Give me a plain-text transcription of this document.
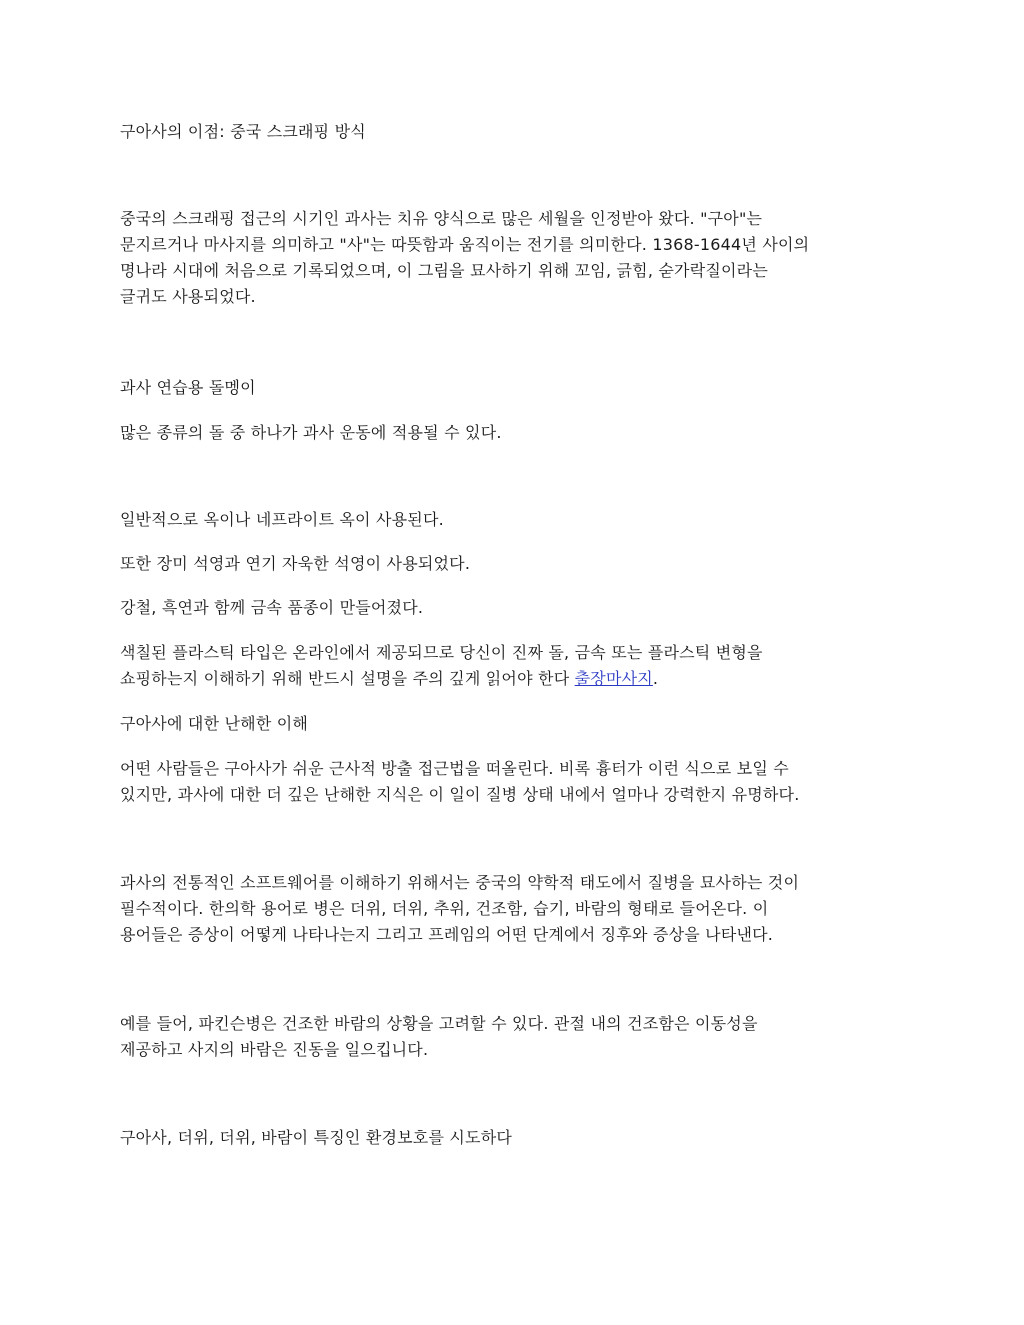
구아사의 이점: 중국 스크래핑 방식

중국의 스크래핑 접근의 시기인 과사는 치유 양식으로 많은 세월을 인정받아 왔다. "구아"는
문지르거나 마사지를 의미하고 "사"는 따뜻함과 움직이는 전기를 의미한다. 1368-1644년 사이의
명나라 시대에 처음으로 기록되었으며, 이 그림을 묘사하기 위해 꼬임, 긁힘, 숟가락질이라는
글귀도 사용되었다.

과사 연습용 돌멩이

많은 종류의 돌 중 하나가 과사 운동에 적용될 수 있다.

일반적으로 옥이나 네프라이트 옥이 사용된다.

또한 장미 석영과 연기 자욱한 석영이 사용되었다.

강철, 흑연과 함께 금속 품종이 만들어졌다.

색칠된 플라스틱 타입은 온라인에서 제공되므로 당신이 진짜 돌, 금속 또는 플라스틱 변형을
쇼핑하는지 이해하기 위해 반드시 설명을 주의 깊게 읽어야 한다 출장마사지.

구아사에 대한 난해한 이해

어떤 사람들은 구아사가 쉬운 근사적 방출 접근법을 떠올린다. 비록 흉터가 이런 식으로 보일 수
있지만, 과사에 대한 더 깊은 난해한 지식은 이 일이 질병 상태 내에서 얼마나 강력한지 유명하다.

과사의 전통적인 소프트웨어를 이해하기 위해서는 중국의 약학적 태도에서 질병을 묘사하는 것이
필수적이다. 한의학 용어로 병은 더위, 더위, 추위, 건조함, 습기, 바람의 형태로 들어온다. 이
용어들은 증상이 어떻게 나타나는지 그리고 프레임의 어떤 단계에서 징후와 증상을 나타낸다.

예를 들어, 파킨슨병은 건조한 바람의 상황을 고려할 수 있다. 관절 내의 건조함은 이동성을
제공하고 사지의 바람은 진동을 일으킵니다.

구아사, 더위, 더위, 바람이 특징인 환경보호를 시도하다
